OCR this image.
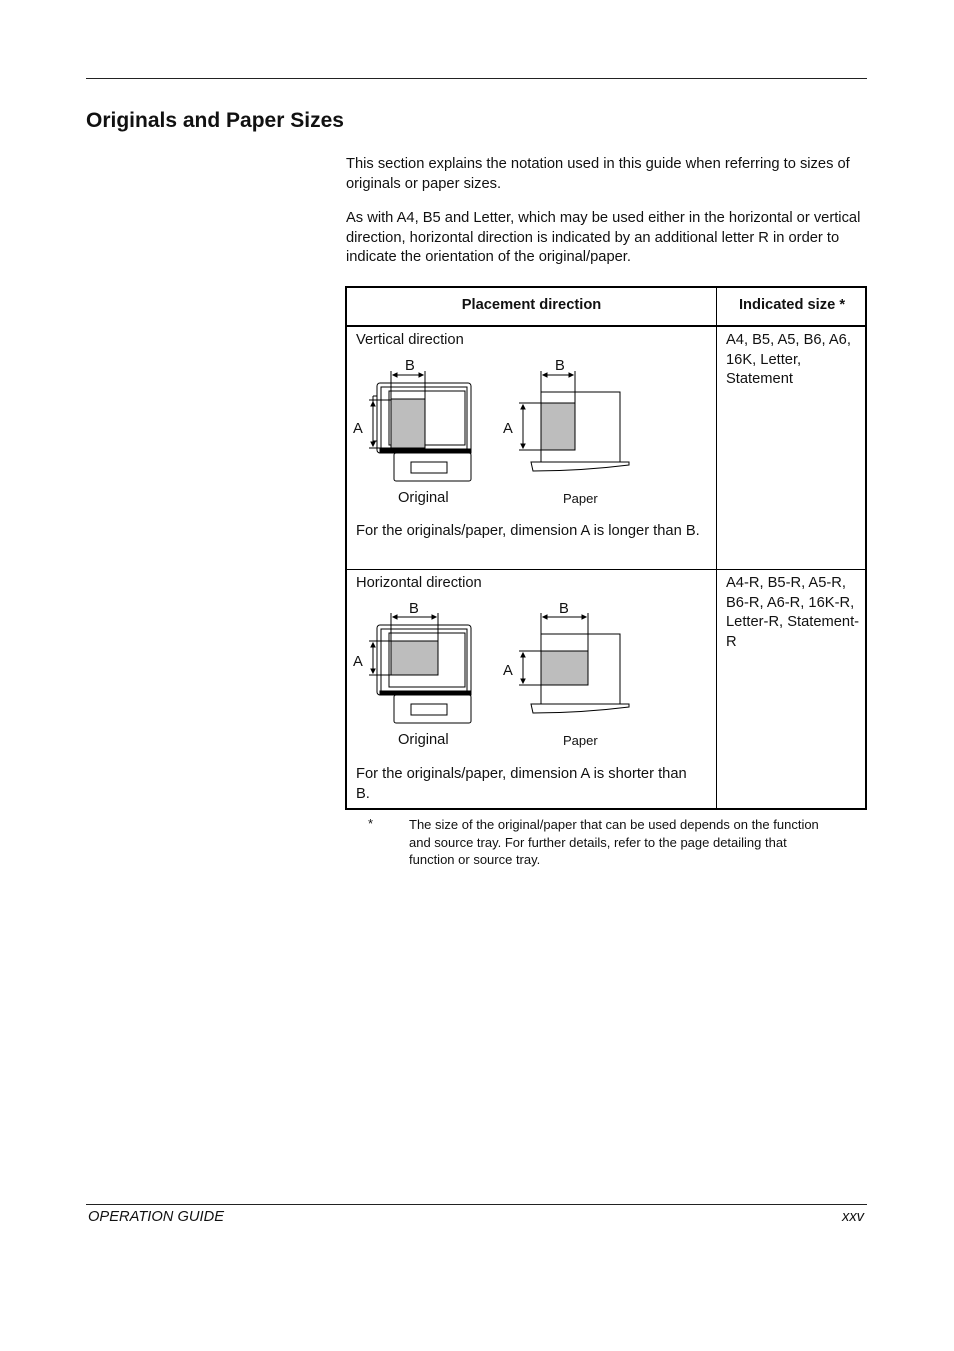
Originals and Paper Sizes

This section explains the notation used in this guide when referring to sizes of originals or paper sizes.

As with A4, B5 and Letter, which may be used either in the horizontal or vertical direction, horizontal direction is indicated by an additional letter R in order to indicate the orientation of the original/paper.

Placement direction	Indicated size *
Vertical direction
B	B
A	A
Original	Paper

For the originals/paper, dimension A is longer than B.

A4, B5, A5, B6, A6, 16K, Letter, Statement

Horizontal direction
B	B
A
A
Original	Paper

For the originals/paper, dimension A is shorter than B.

A4-R, B5-R, A5-R, B6-R, A6-R, 16K-R, Letter-R, Statement-R

*	The size of the original/paper that can be used depends on the function and source tray. For further details, refer to the page detailing that function or source tray.

OPERATION GUIDE	xxv
